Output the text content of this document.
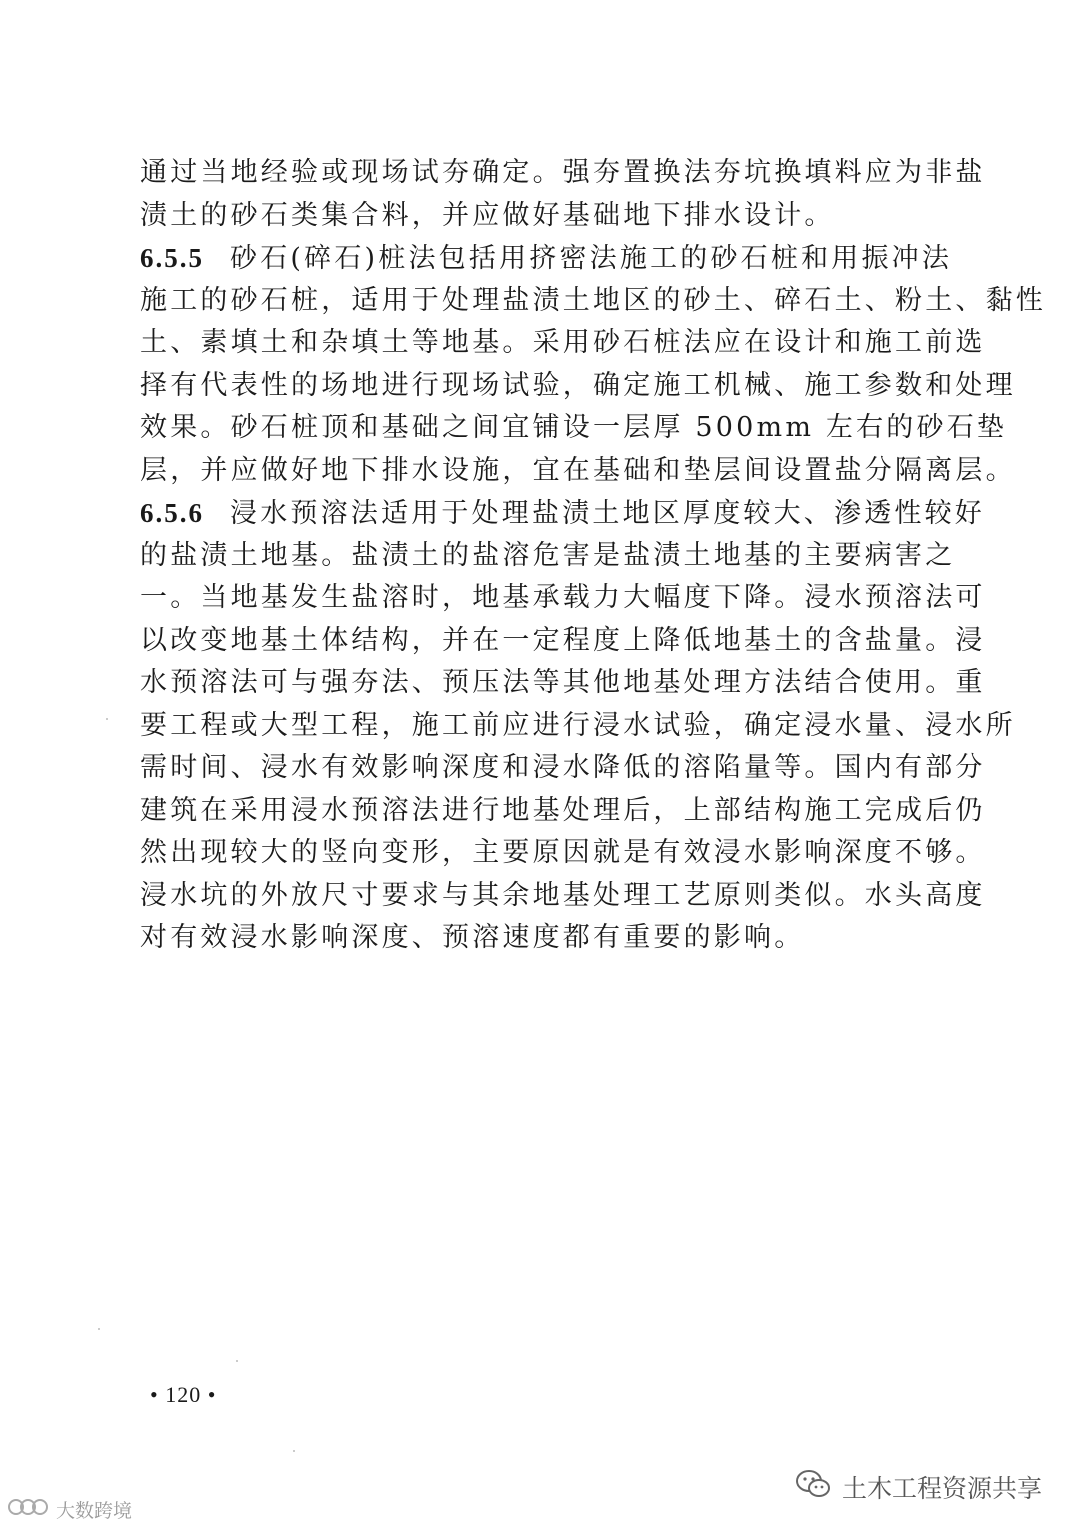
通过当地经验或现场试夯确定。强夯置换法夯坑换填料应为非盐
渍土的砂石类集合料，并应做好基础地下排水设计。
6.5.5 砂石(碎石)桩法包括用挤密法施工的砂石桩和用振冲法
施工的砂石桩，适用于处理盐渍土地区的砂土、碎石土、粉土、黏性
土、素填土和杂填土等地基。采用砂石桩法应在设计和施工前选
择有代表性的场地进行现场试验，确定施工机械、施工参数和处理
效果。砂石桩顶和基础之间宜铺设一层厚 500mm 左右的砂石垫
层，并应做好地下排水设施，宜在基础和垫层间设置盐分隔离层。
6.5.6 浸水预溶法适用于处理盐渍土地区厚度较大、渗透性较好
的盐渍土地基。盐渍土的盐溶危害是盐渍土地基的主要病害之
一。当地基发生盐溶时，地基承载力大幅度下降。浸水预溶法可
以改变地基土体结构，并在一定程度上降低地基土的含盐量。浸
水预溶法可与强夯法、预压法等其他地基处理方法结合使用。重
要工程或大型工程，施工前应进行浸水试验，确定浸水量、浸水所
需时间、浸水有效影响深度和浸水降低的溶陷量等。国内有部分
建筑在采用浸水预溶法进行地基处理后，上部结构施工完成后仍
然出现较大的竖向变形，主要原因就是有效浸水影响深度不够。
浸水坑的外放尺寸要求与其余地基处理工艺原则类似。水头高度
对有效浸水影响深度、预溶速度都有重要的影响。
• 120 •
大数跨境
土木工程资源共享
